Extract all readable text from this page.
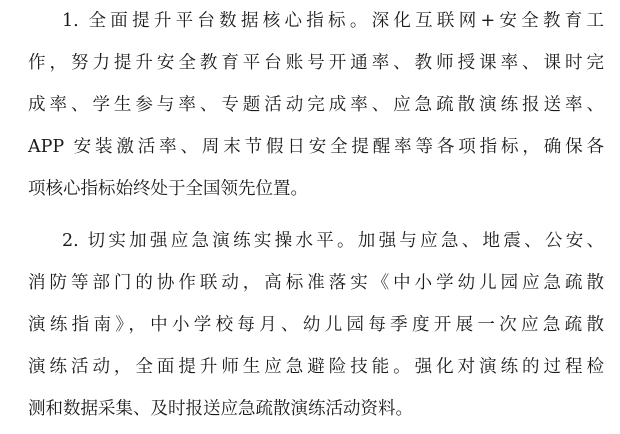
1. 全面提升平台数据核心指标。深化互联网+安全教育工
作，努力提升安全教育平台账号开通率、教师授课率、课时完
成率、学生参与率、专题活动完成率、应急疏散演练报送率、
APP 安装激活率、周末节假日安全提醒率等各项指标，确保各
项核心指标始终处于全国领先位置。
2. 切实加强应急演练实操水平。加强与应急、地震、公安、
消防等部门的协作联动，高标准落实《中小学幼儿园应急疏散
演练指南》，中小学校每月、幼儿园每季度开展一次应急疏散
演练活动，全面提升师生应急避险技能。强化对演练的过程检
测和数据采集、及时报送应急疏散演练活动资料。
